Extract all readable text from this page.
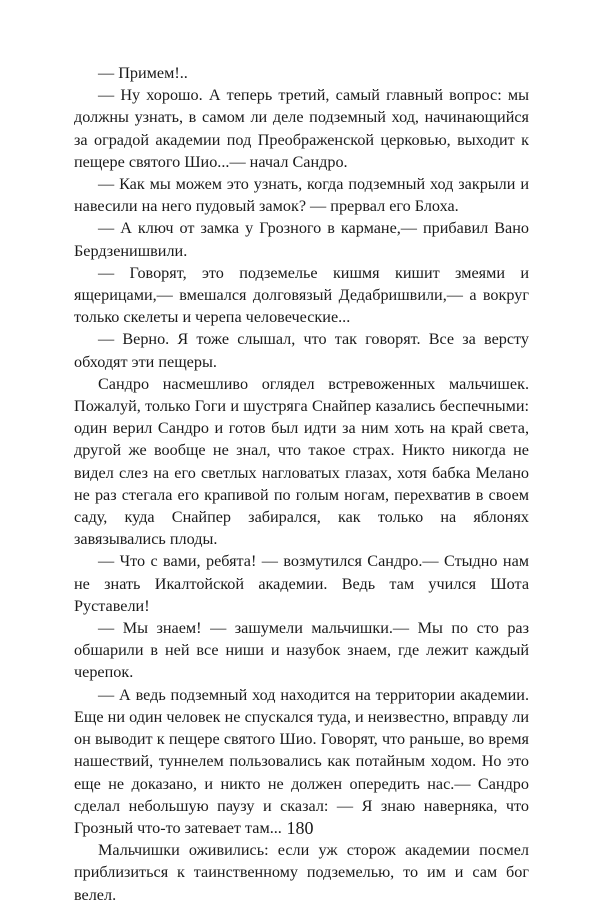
— Примем!..

— Ну хорошо. А теперь третий, самый главный вопрос: мы должны узнать, в самом ли деле подземный ход, начинающийся за оградой академии под Преображенской церковью, выходит к пещере святого Шио...— начал Сандро.

— Как мы можем это узнать, когда подземный ход закрыли и навесили на него пудовый замок? — прервал его Блоха.

— А ключ от замка у Грозного в кармане,— прибавил Вано Бердзенишвили.

— Говорят, это подземелье кишмя кишит змеями и ящерицами,— вмешался долговязый Дедабришвили,— а вокруг только скелеты и черепа человеческие...

— Верно. Я тоже слышал, что так говорят. Все за версту обходят эти пещеры.

Сандро насмешливо оглядел встревоженных мальчишек. Пожалуй, только Гоги и шустряга Снайпер казались беспечными: один верил Сандро и готов был идти за ним хоть на край света, другой же вообще не знал, что такое страх. Никто никогда не видел слез на его светлых нагловатых глазах, хотя бабка Мелано не раз стегала его крапивой по голым ногам, перехватив в своем саду, куда Снайпер забирался, как только на яблонях завязывались плоды.

— Что с вами, ребята! — возмутился Сандро.— Стыдно нам не знать Икалтойской академии. Ведь там учился Шота Руставели!

— Мы знаем! — зашумели мальчишки.— Мы по сто раз обшарили в ней все ниши и назубок знаем, где лежит каждый черепок.

— А ведь подземный ход находится на территории академии. Еще ни один человек не спускался туда, и неизвестно, вправду ли он выводит к пещере святого Шио. Говорят, что раньше, во время нашествий, туннелем пользовались как потайным ходом. Но это еще не доказано, и никто не должен опередить нас.— Сандро сделал небольшую паузу и сказал: — Я знаю наверняка, что Грозный что-то затевает там...

Мальчишки оживились: если уж сторож академии посмел приблизиться к таинственному подземелью, то им и сам бог велел.

180
